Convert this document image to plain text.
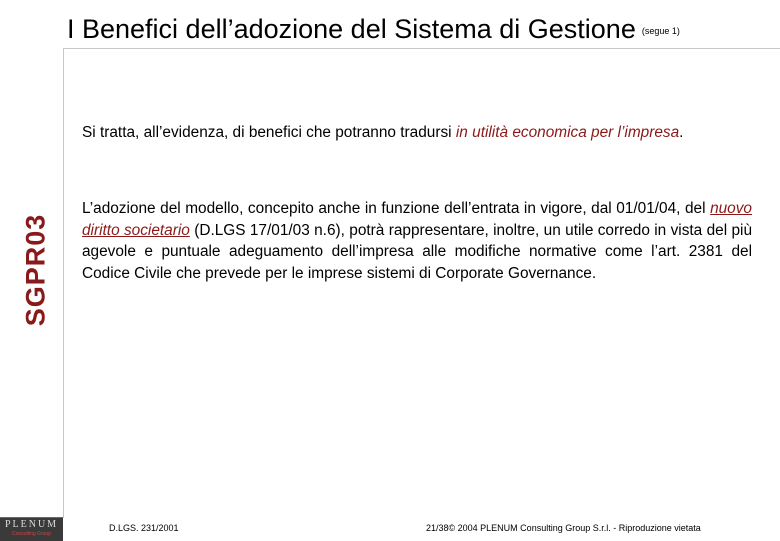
I Benefici dell’adozione del Sistema di Gestione (segue 1)
SGPR03
Si tratta, all’evidenza, di benefici che potranno tradursi in utilità economica per l’impresa.
L’adozione del modello, concepito anche in funzione dell’entrata in vigore, dal 01/01/04, del nuovo diritto societario (D.LGS 17/01/03 n.6), potrà rappresentare, inoltre, un utile corredo in vista del più agevole e puntuale adeguamento dell’impresa alle modifiche normative come l’art. 2381 del Codice Civile che prevede per le imprese sistemi di Corporate Governance.
PLENUM
Consulting Group
D.LGS. 231/2001	21/38© 2004 PLENUM Consulting Group S.r.l. - Riproduzione vietata
